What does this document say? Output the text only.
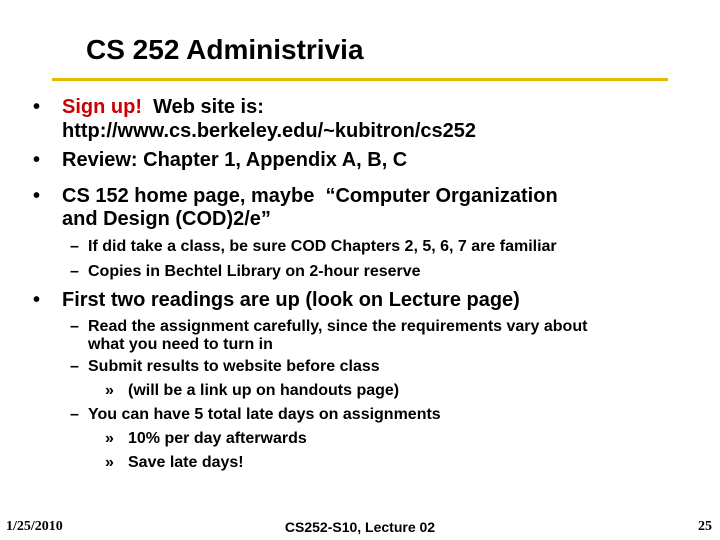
CS 252 Administrivia
• Sign up!  Web site is:
http://www.cs.berkeley.edu/~kubitron/cs252
• Review: Chapter 1, Appendix A, B, C
• CS 152 home page, maybe  “Computer Organization
and Design (COD)2/e”
– If did take a class, be sure COD Chapters 2, 5, 6, 7 are familiar
– Copies in Bechtel Library on 2-hour reserve
• First two readings are up (look on Lecture page)
– Read the assignment carefully, since the requirements vary about
what you need to turn in
– Submit results to website before class
» (will be a link up on handouts page)
– You can have 5 total late days on assignments
» 10% per day afterwards
» Save late days!
1/25/2010	CS252-S10, Lecture 02	25
